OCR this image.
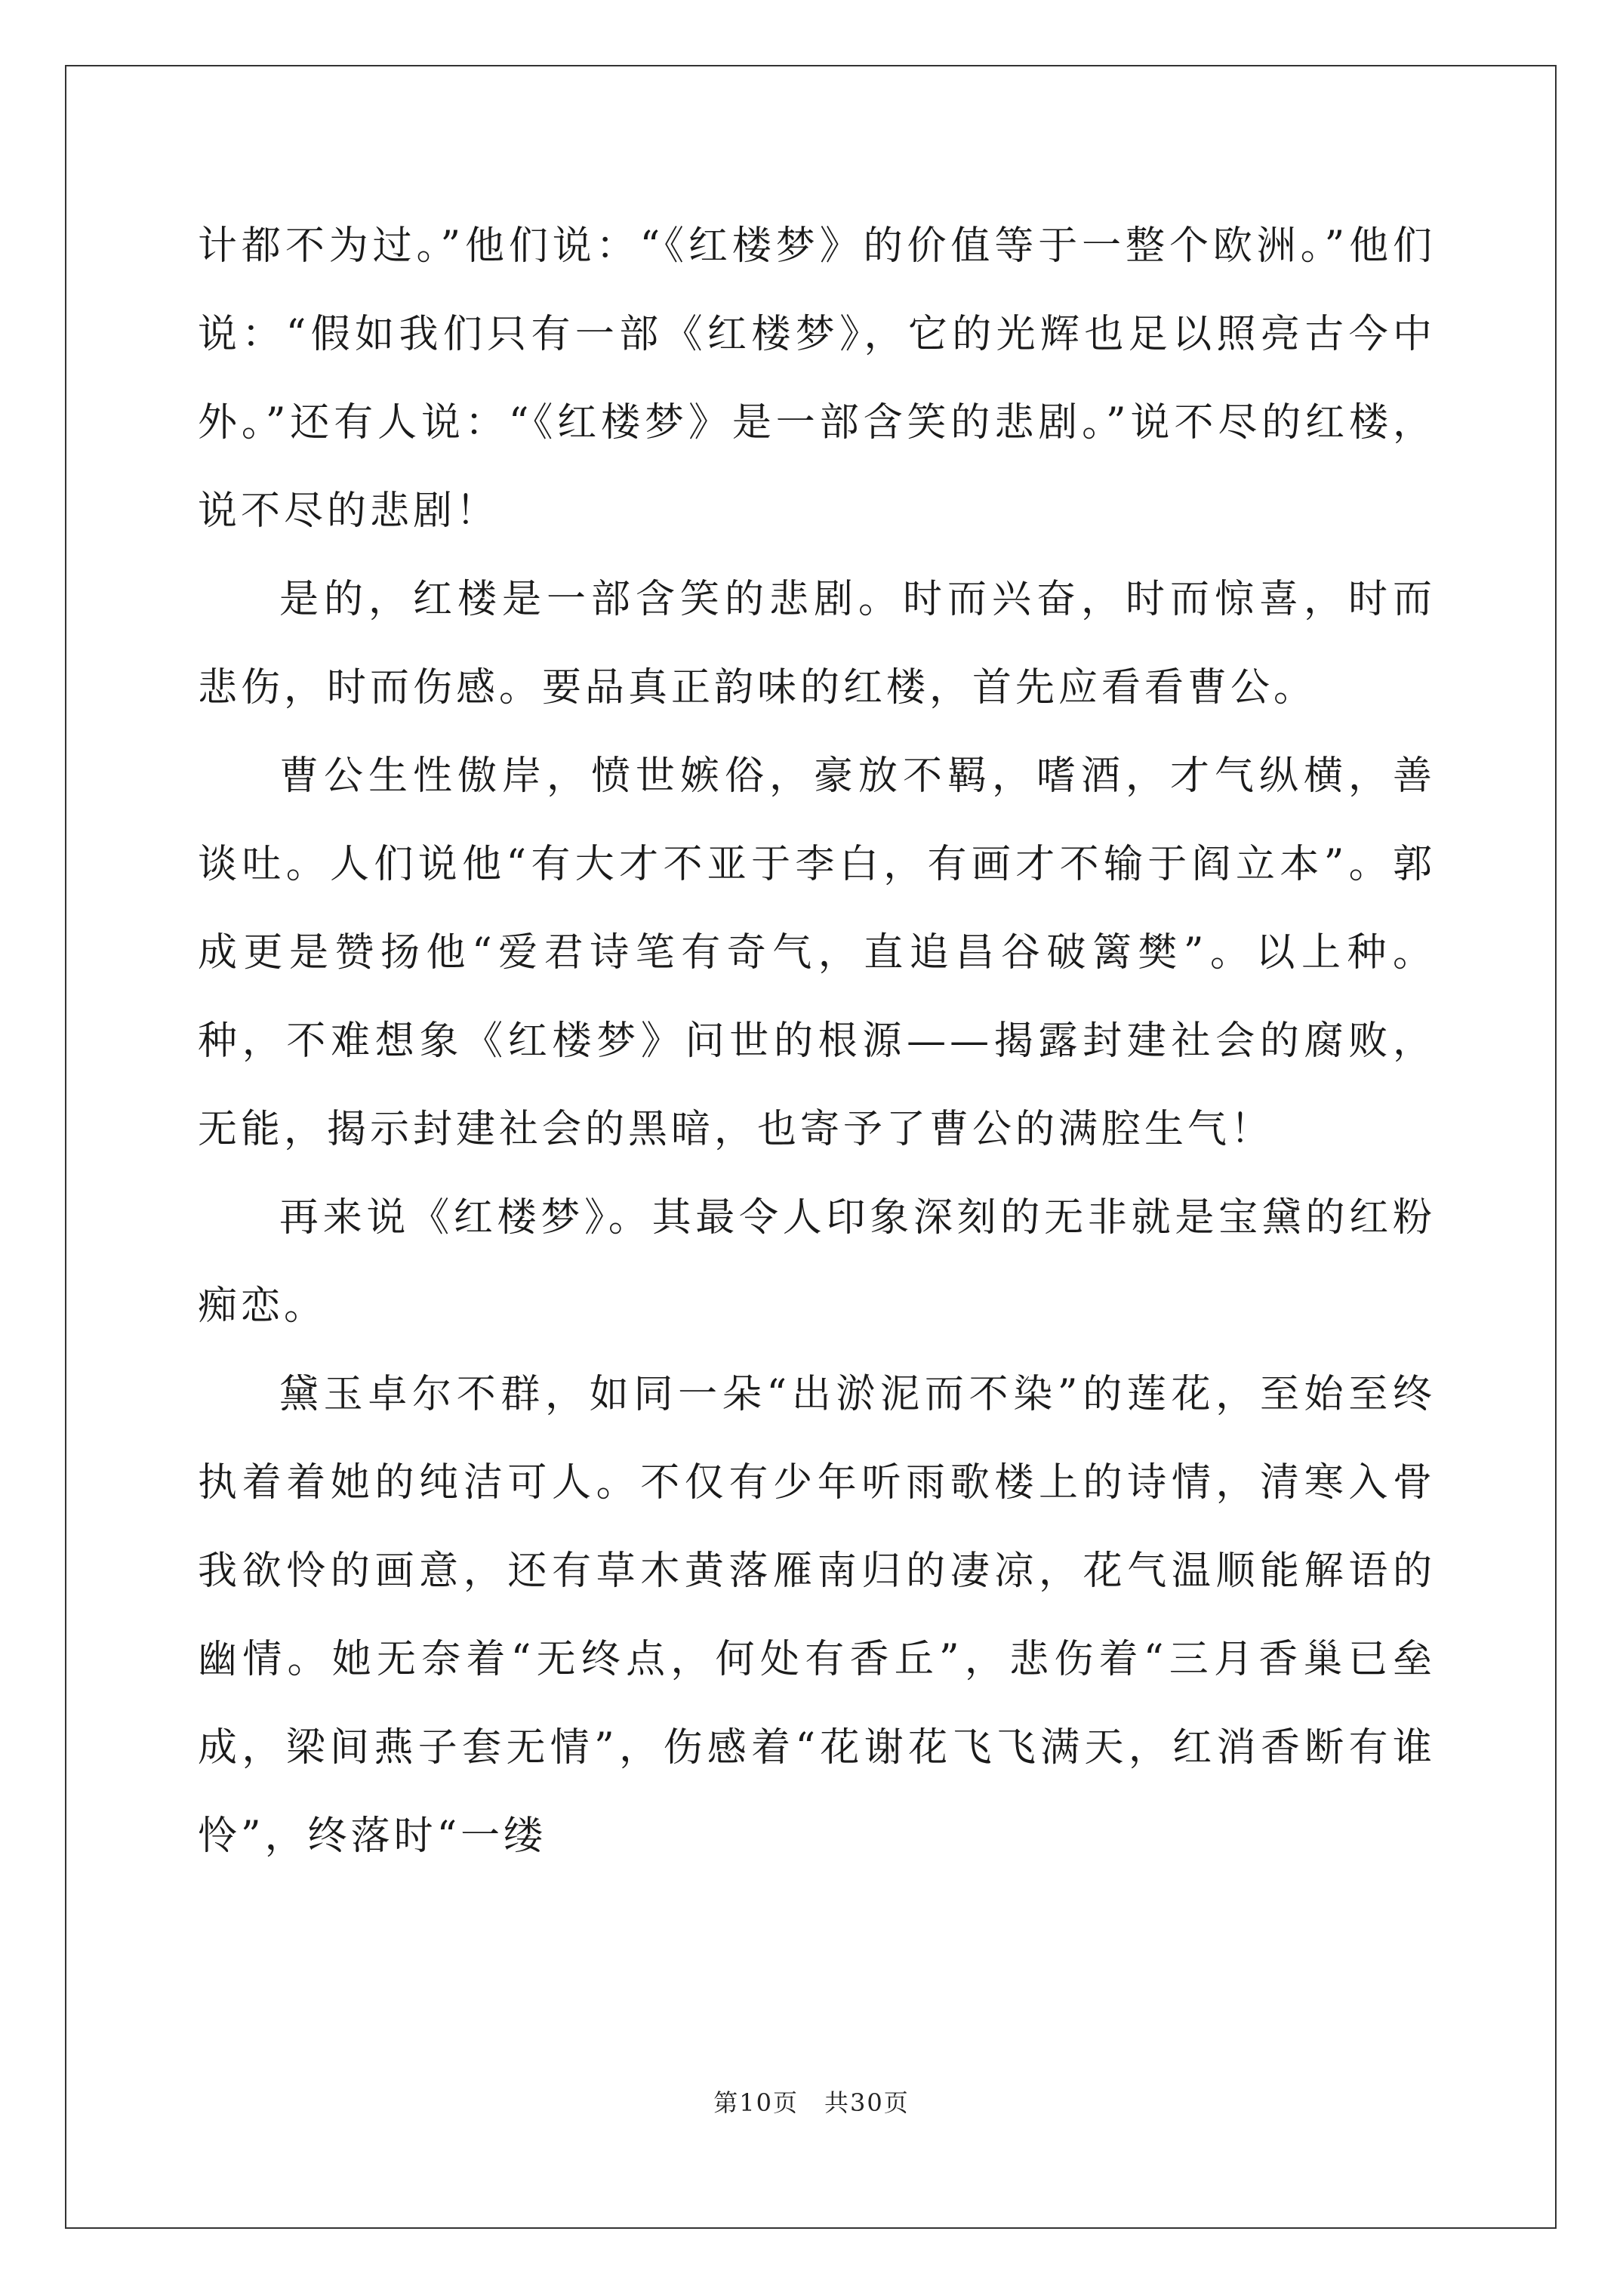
计都不为过。”他们说：“《红楼梦》的价值等于一整个欧洲。”他们说：“假如我们只有一部《红楼梦》，它的光辉也足以照亮古今中外。”还有人说：“《红楼梦》是一部含笑的悲剧。”说不尽的红楼，说不尽的悲剧！

是的，红楼是一部含笑的悲剧。时而兴奋，时而惊喜，时而悲伤，时而伤感。要品真正韵味的红楼，首先应看看曹公。

曹公生性傲岸，愤世嫉俗，豪放不羁，嗜酒，才气纵横，善谈吐。人们说他“有大才不亚于李白，有画才不输于阎立本”。郭成更是赞扬他“爱君诗笔有奇气，直追昌谷破篱樊”。以上种。种，不难想象《红楼梦》问世的根源——揭露封建社会的腐败，无能，揭示封建社会的黑暗，也寄予了曹公的满腔生气！

再来说《红楼梦》。其最令人印象深刻的无非就是宝黛的红粉痴恋。

黛玉卓尔不群，如同一朵“出淤泥而不染”的莲花，至始至终执着着她的纯洁可人。不仅有少年听雨歌楼上的诗情，清寒入骨我欲怜的画意，还有草木黄落雁南归的凄凉，花气温顺能解语的幽情。她无奈着“无终点，何处有香丘”，悲伤着“三月香巢已垒成，梁间燕子套无情”，伤感着“花谢花飞飞满天，红消香断有谁怜”，终落时“一缕

第10页　共30页
